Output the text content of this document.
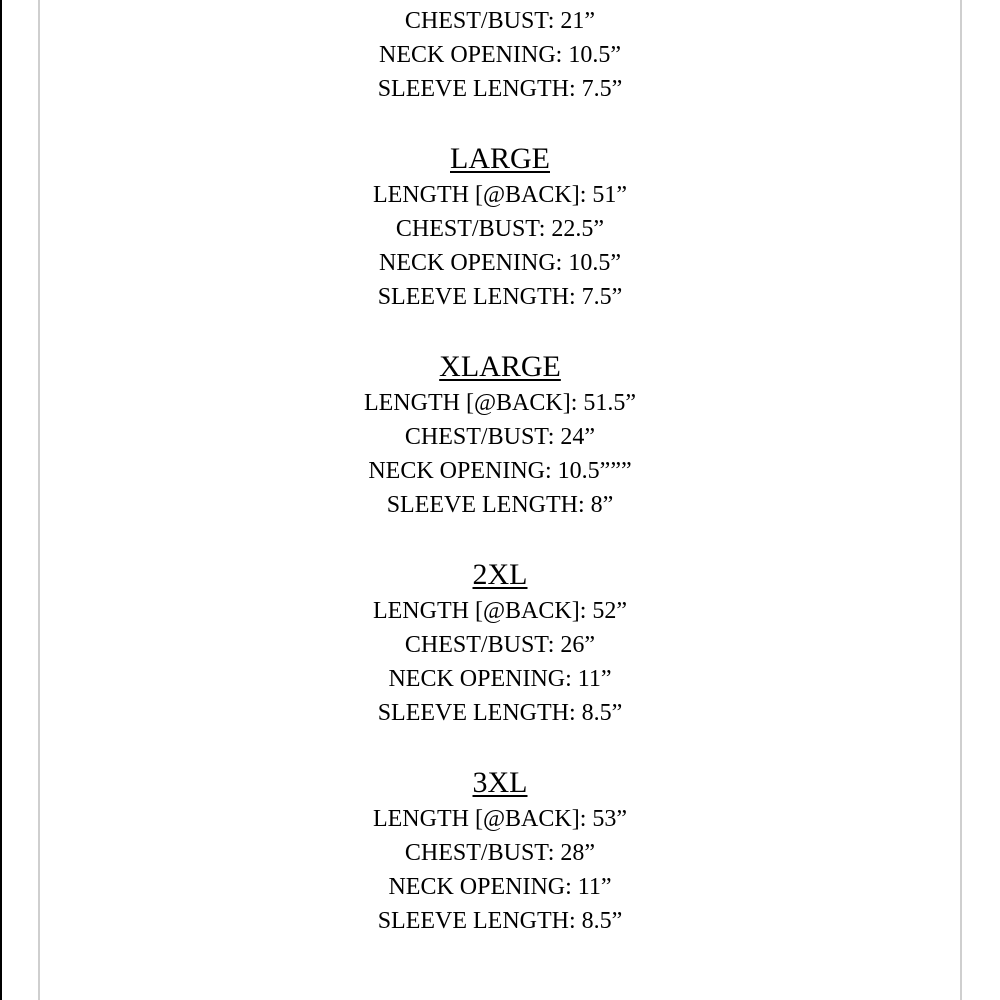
CHEST/BUST: 21”
NECK OPENING: 10.5”
SLEEVE LENGTH: 7.5”
LARGE
LENGTH [@BACK]: 51”
CHEST/BUST: 22.5”
NECK OPENING: 10.5”
SLEEVE LENGTH: 7.5”
XLARGE
LENGTH [@BACK]: 51.5”
CHEST/BUST: 24”
NECK OPENING: 10.5”””
SLEEVE LENGTH: 8”
2XL
LENGTH [@BACK]: 52”
CHEST/BUST: 26”
NECK OPENING: 11”
SLEEVE LENGTH: 8.5”
3XL
LENGTH [@BACK]: 53”
CHEST/BUST: 28”
NECK OPENING: 11”
SLEEVE LENGTH: 8.5”
